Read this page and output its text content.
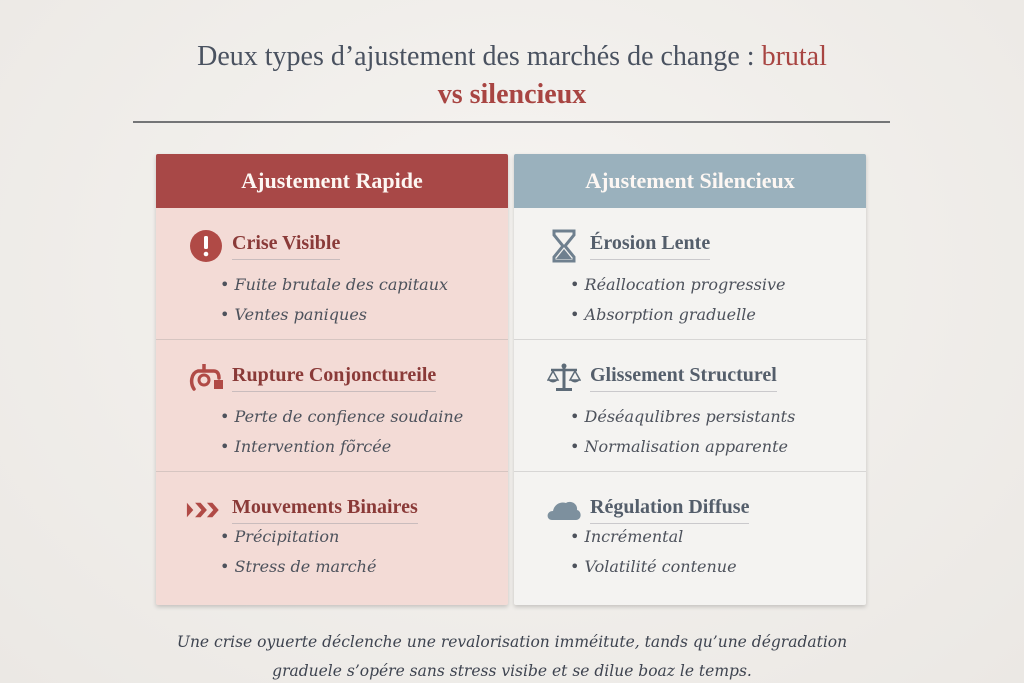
Deux types d’ajustement des marchés de change : brutal
vs silencieux
Ajustement Rapide
Crise Visible
• Fuite brutale des capitaux
• Ventes paniques
Rupture Conjonctureile
• Perte de confience soudaine
• Intervention fõrcée
Mouvements Binaires
• Précipitation
• Stress de marché
Ajustement Silencieux
Érosion Lente
• Réallocation progressive
• Absorption graduelle
Glissement Structurel
• Déséaqulibres persistants
• Normalisation apparente
Régulation Diffuse
• Incrémental
• Volatilité contenue
Une crise oyuerte déclenche une revalorisation imméitute, tands qu’une dégradation
graduele s’opére sans stress visibe et se dilue boaz le temps.
